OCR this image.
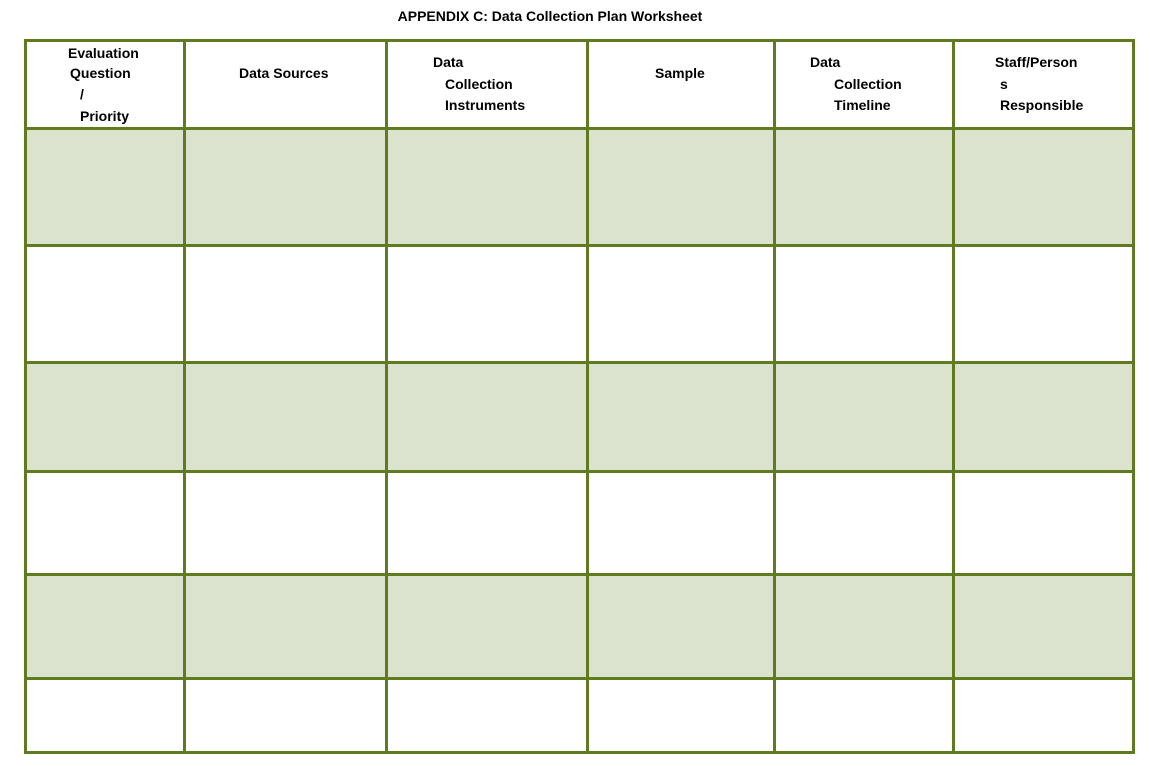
APPENDIX C: Data Collection Plan Worksheet
Evaluation
Question
/
Priority
Data Sources
Data
Collection
Instruments
Sample
Data
Collection
Timeline
Staff/Person
s
Responsible
